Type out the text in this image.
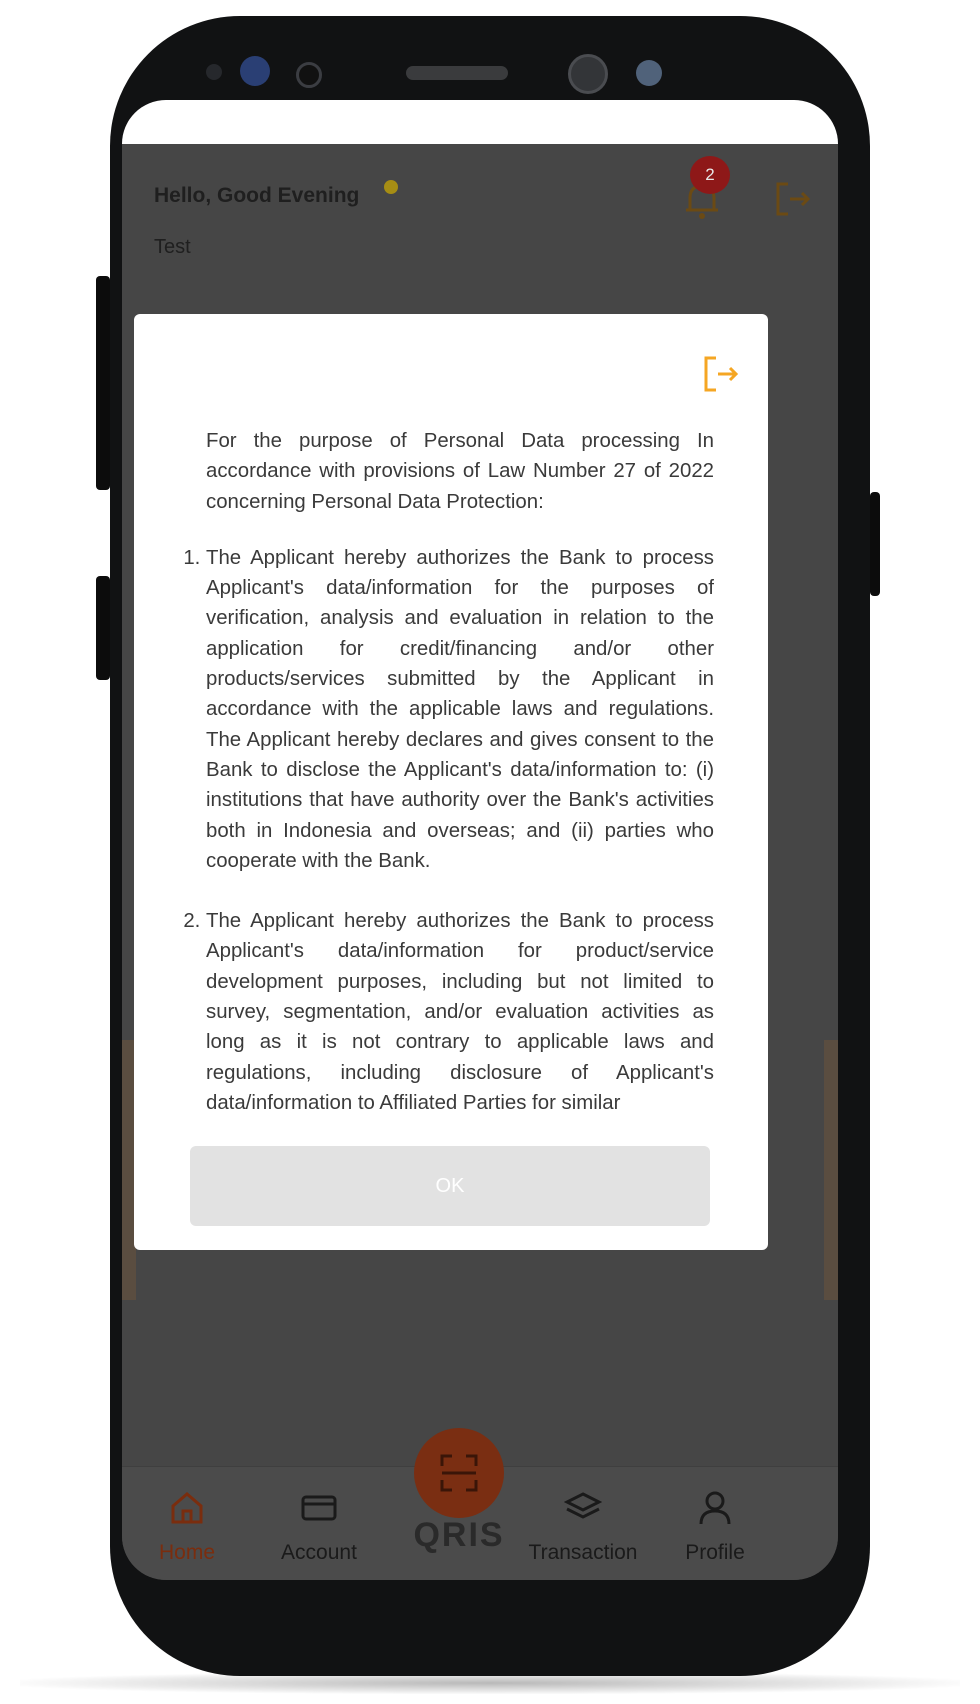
Hello, Good Evening
Test
2
Home	Account	Transaction	Profile
QRIS

For the purpose of Personal Data processing In accordance with provisions of Law Number 27 of 2022 concerning Personal Data Protection:

1. The Applicant hereby authorizes the Bank to process Applicant's data/information for the purposes of verification, analysis and evaluation in relation to the application for credit/financing and/or other products/services submitted by the Applicant in accordance with the applicable laws and regulations. The Applicant hereby declares and gives consent to the Bank to disclose the Applicant's data/information to: (i) institutions that have authority over the Bank's activities both in Indonesia and overseas; and (ii) parties who cooperate with the Bank.
2. The Applicant hereby authorizes the Bank to process Applicant's data/information for product/service development purposes, including but not limited to survey, segmentation, and/or evaluation activities as long as it is not contrary to applicable laws and regulations, including disclosure of Applicant's data/information to Affiliated Parties for similar
OK
